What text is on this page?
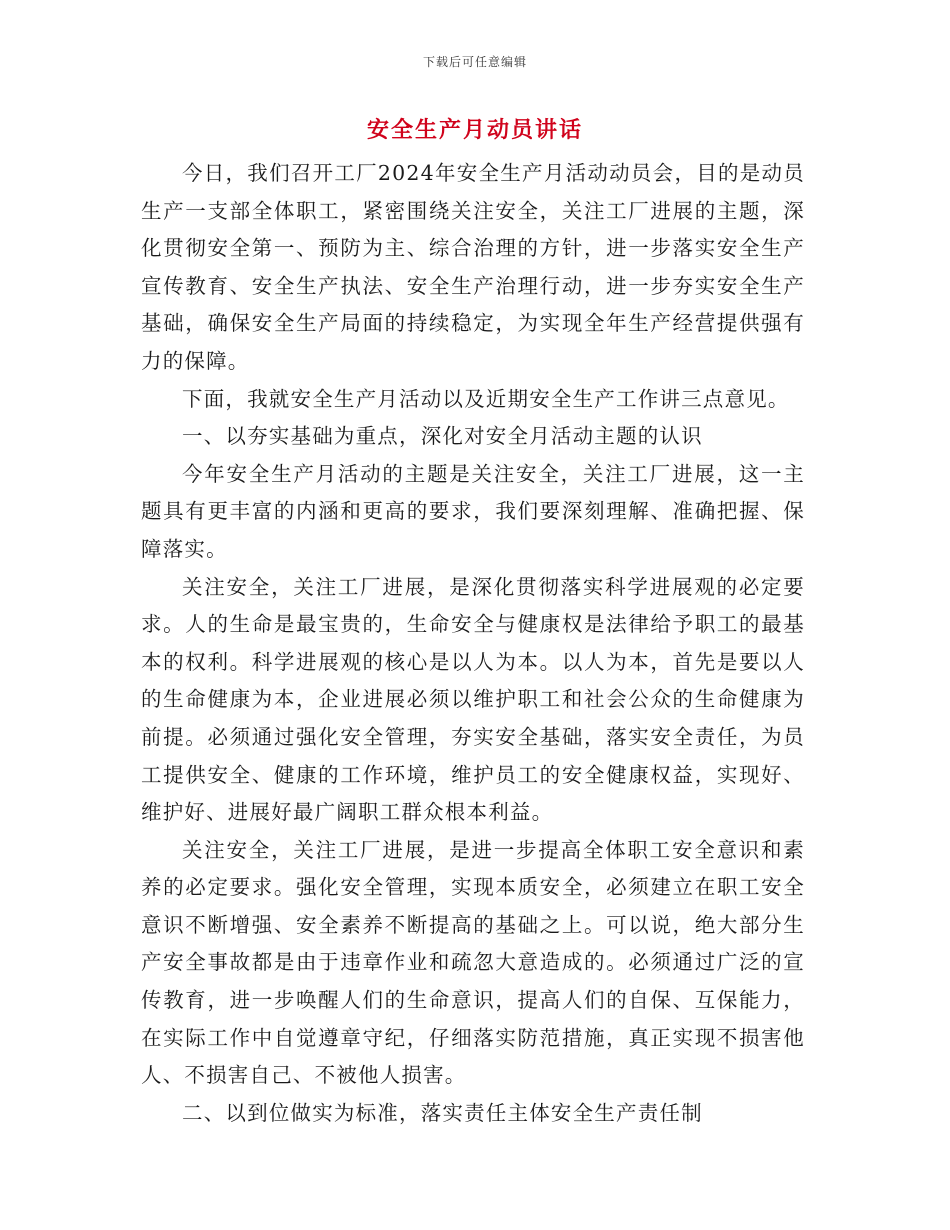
下载后可任意编辑
安全生产月动员讲话

今日，我们召开工厂2024年安全生产月活动动员会，目的是动员生产一支部全体职工，紧密围绕关注安全，关注工厂进展的主题，深化贯彻安全第一、预防为主、综合治理的方针，进一步落实安全生产宣传教育、安全生产执法、安全生产治理行动，进一步夯实安全生产基础，确保安全生产局面的持续稳定，为实现全年生产经营提供强有力的保障。

下面，我就安全生产月活动以及近期安全生产工作讲三点意见。

一、以夯实基础为重点，深化对安全月活动主题的认识

今年安全生产月活动的主题是关注安全，关注工厂进展，这一主题具有更丰富的内涵和更高的要求，我们要深刻理解、准确把握、保障落实。

关注安全，关注工厂进展，是深化贯彻落实科学进展观的必定要求。人的生命是最宝贵的，生命安全与健康权是法律给予职工的最基本的权利。科学进展观的核心是以人为本。以人为本，首先是要以人的生命健康为本，企业进展必须以维护职工和社会公众的生命健康为前提。必须通过强化安全管理，夯实安全基础，落实安全责任，为员工提供安全、健康的工作环境，维护员工的安全健康权益，实现好、维护好、进展好最广阔职工群众根本利益。

关注安全，关注工厂进展，是进一步提高全体职工安全意识和素养的必定要求。强化安全管理，实现本质安全，必须建立在职工安全意识不断增强、安全素养不断提高的基础之上。可以说，绝大部分生产安全事故都是由于违章作业和疏忽大意造成的。必须通过广泛的宣传教育，进一步唤醒人们的生命意识，提高人们的自保、互保能力，在实际工作中自觉遵章守纪，仔细落实防范措施，真正实现不损害他人、不损害自己、不被他人损害。

二、以到位做实为标准，落实责任主体安全生产责任制
